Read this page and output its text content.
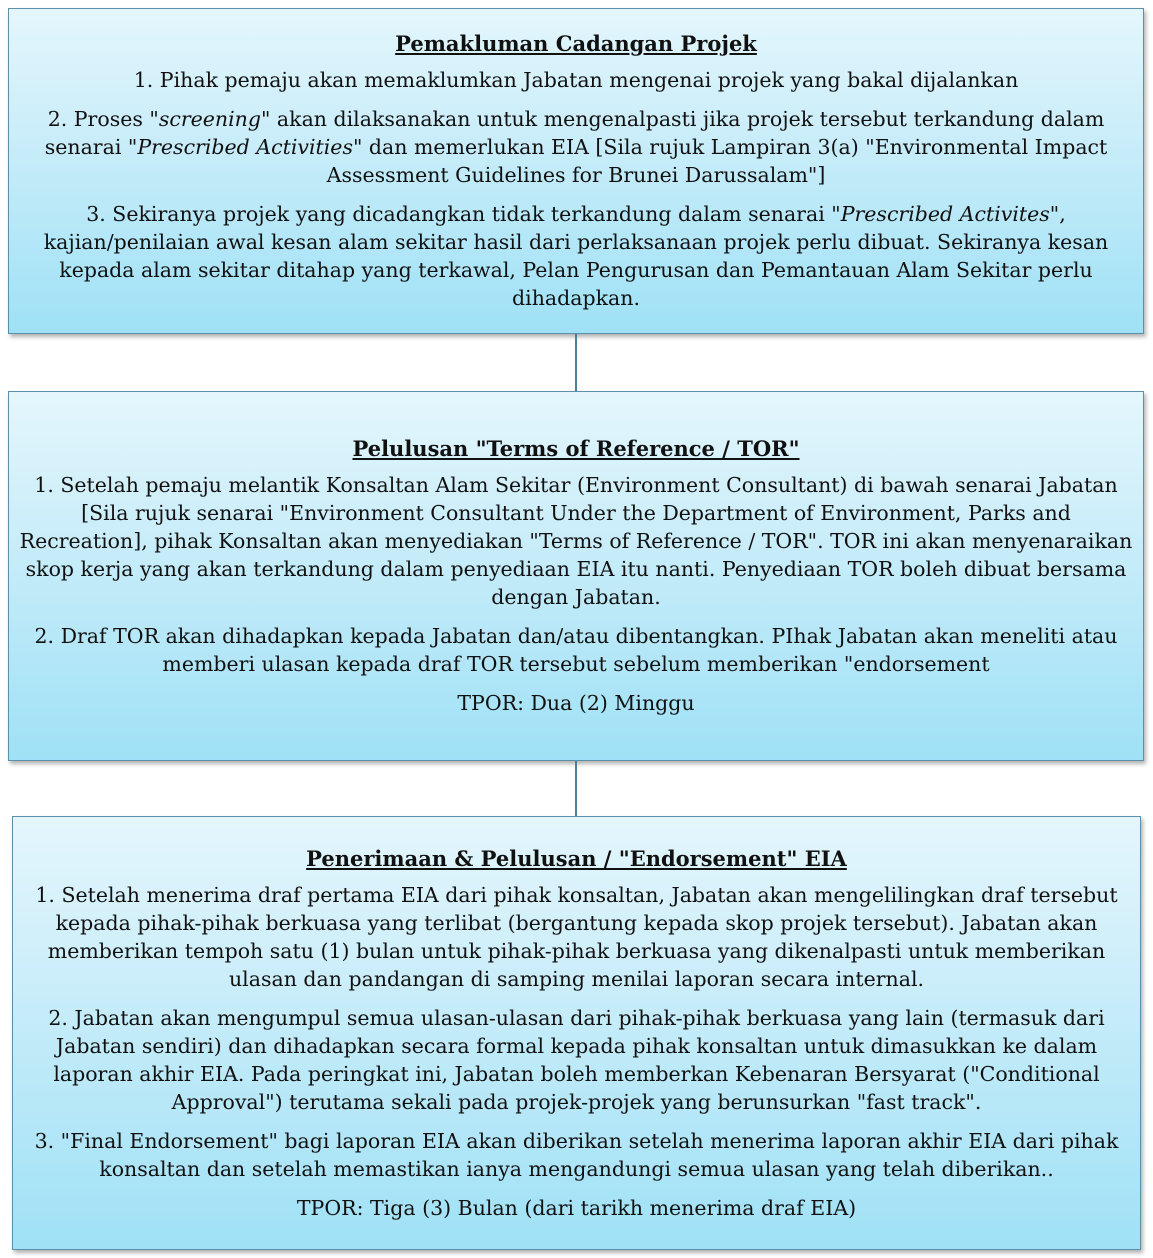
Pemakluman Cadangan Projek

1. Pihak pemaju akan memaklumkan Jabatan mengenai projek yang bakal dijalankan

2. Proses "screening" akan dilaksanakan untuk mengenalpasti jika projek tersebut terkandung dalam senarai "Prescribed Activities" dan memerlukan EIA [Sila rujuk Lampiran 3(a) "Environmental Impact Assessment Guidelines for Brunei Darussalam"]

3. Sekiranya projek yang dicadangkan tidak terkandung dalam senarai "Prescribed Activites", kajian/penilaian awal kesan alam sekitar hasil dari perlaksanaan projek perlu dibuat. Sekiranya kesan kepada alam sekitar ditahap yang terkawal, Pelan Pengurusan dan Pemantauan Alam Sekitar perlu dihadapkan.

Pelulusan "Terms of Reference / TOR"

1. Setelah pemaju melantik Konsaltan Alam Sekitar (Environment Consultant) di bawah senarai Jabatan [Sila rujuk senarai "Environment Consultant Under the Department of Environment, Parks and Recreation], pihak Konsaltan akan menyediakan "Terms of Reference / TOR". TOR ini akan menyenaraikan skop kerja yang akan terkandung dalam penyediaan EIA itu nanti. Penyediaan TOR boleh dibuat bersama dengan Jabatan.

2. Draf TOR akan dihadapkan kepada Jabatan dan/atau dibentangkan. PIhak Jabatan akan meneliti atau memberi ulasan kepada draf TOR tersebut sebelum memberikan "endorsement

TPOR: Dua (2) Minggu

Penerimaan & Pelulusan / "Endorsement" EIA

1. Setelah menerima draf pertama EIA dari pihak konsaltan, Jabatan akan mengelilingkan draf tersebut kepada pihak-pihak berkuasa yang terlibat (bergantung kepada skop projek tersebut). Jabatan akan memberikan tempoh satu (1) bulan untuk pihak-pihak berkuasa yang dikenalpasti untuk memberikan ulasan dan pandangan di samping menilai laporan secara internal.

2. Jabatan akan mengumpul semua ulasan-ulasan dari pihak-pihak berkuasa yang lain (termasuk dari Jabatan sendiri) dan dihadapkan secara formal kepada pihak konsaltan untuk dimasukkan ke dalam laporan akhir EIA. Pada peringkat ini, Jabatan boleh memberkan Kebenaran Bersyarat ("Conditional Approval") terutama sekali pada projek-projek yang berunsurkan "fast track".

3. "Final Endorsement" bagi laporan EIA akan diberikan setelah menerima laporan akhir EIA dari pihak konsaltan dan setelah memastikan ianya mengandungi semua ulasan yang telah diberikan..

TPOR: Tiga (3) Bulan (dari tarikh menerima draf EIA)
